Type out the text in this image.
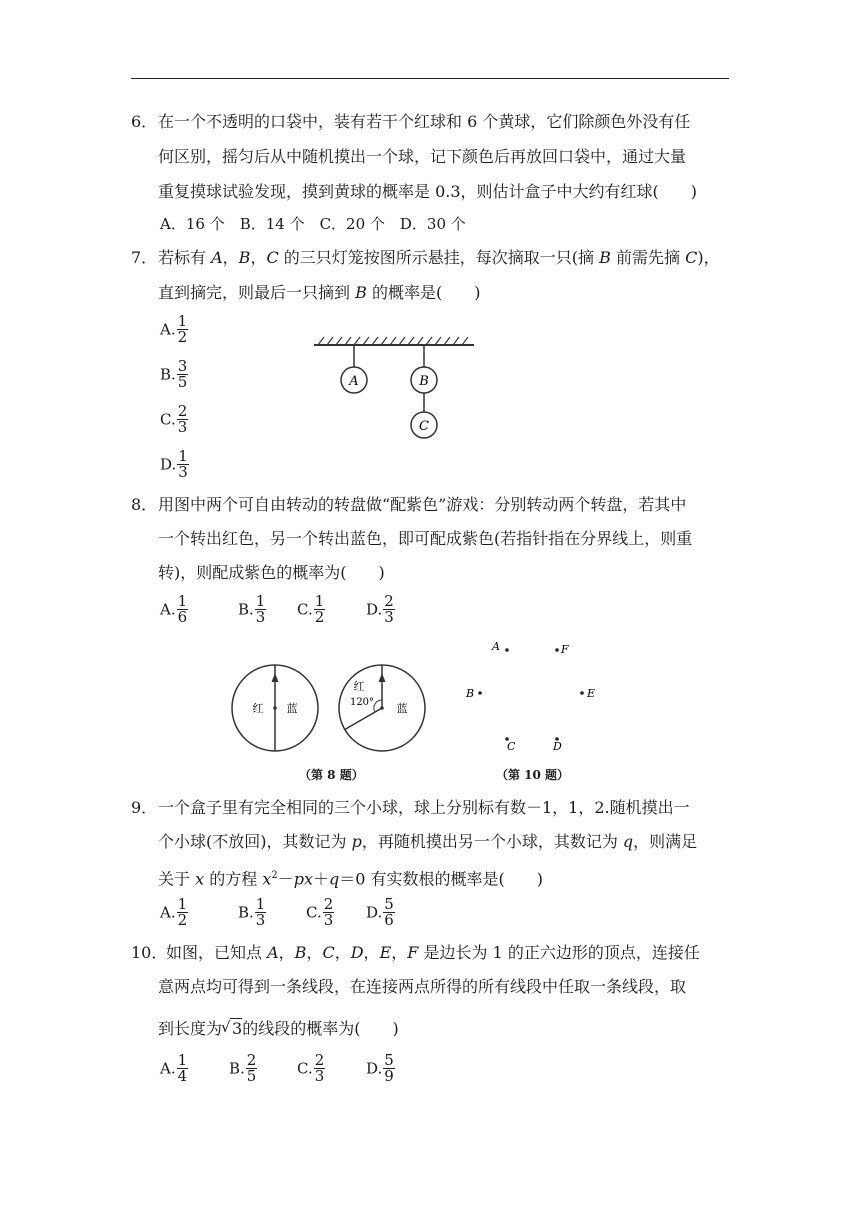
6． 在一个不透明的口袋中，装有若干个红球和 6 个黄球，它们除颜色外没有任
何区别，摇匀后从中随机摸出一个球，记下颜色后再放回口袋中，通过大量
重复摸球试验发现，摸到黄球的概率是 0.3，则估计盒子中大约有红球(　　)
A．16 个　B．14 个　C．20 个　D．30 个
7． 若标有 A，B，C 的三只灯笼按图所示悬挂，每次摘取一只(摘 B 前需先摘 C)，
直到摘完，则最后一只摘到 B 的概率是(　　)
A. $\frac{1}{2}$
B. $\frac{3}{5}$
C. $\frac{2}{3}$
D. $\frac{1}{3}$
A	B
C
8． 用图中两个可自由转动的转盘做“配紫色”游戏：分别转动两个转盘，若其中
一个转出红色，另一个转出蓝色，即可配成紫色(若指针指在分界线上，则重
转)，则配成紫色的概率为(　　)
A. $\frac{1}{6}$	B. $\frac{1}{3} C$. $\frac{1}{2}$	D. $\frac{2}{3}$
红 蓝
红
120° 蓝
（第 8 题）
A	F
B	E
C	D
（第 10 题）
9． 一个盒子里有完全相同的三个小球，球上分别标有数－1，1，2.随机摸出一
个小球(不放回)，其数记为 p，再随机摸出另一个小球，其数记为 q，则满足
关于 x 的方程 $x^2-px+q=0$ 有实数根的概率是(　　)
A. $\frac{1}{2}$	B. $\frac{1}{3}$	C. $\frac{2}{3} D$. $\frac{5}{6}$
10．
如图，已知点 A，B，C，D，E，F 是边长为 1 的正六边形的顶点，连接任
意两点均可得到一条线段，在连接两点所得的所有线段中任取一条线段，取
到长度为 √ 3的线段的概率为(　　)
A. $\frac{1}{4}$	B. $\frac{2}{5}$	C. $\frac{2}{3}$	D. $\frac{5}{9}$
